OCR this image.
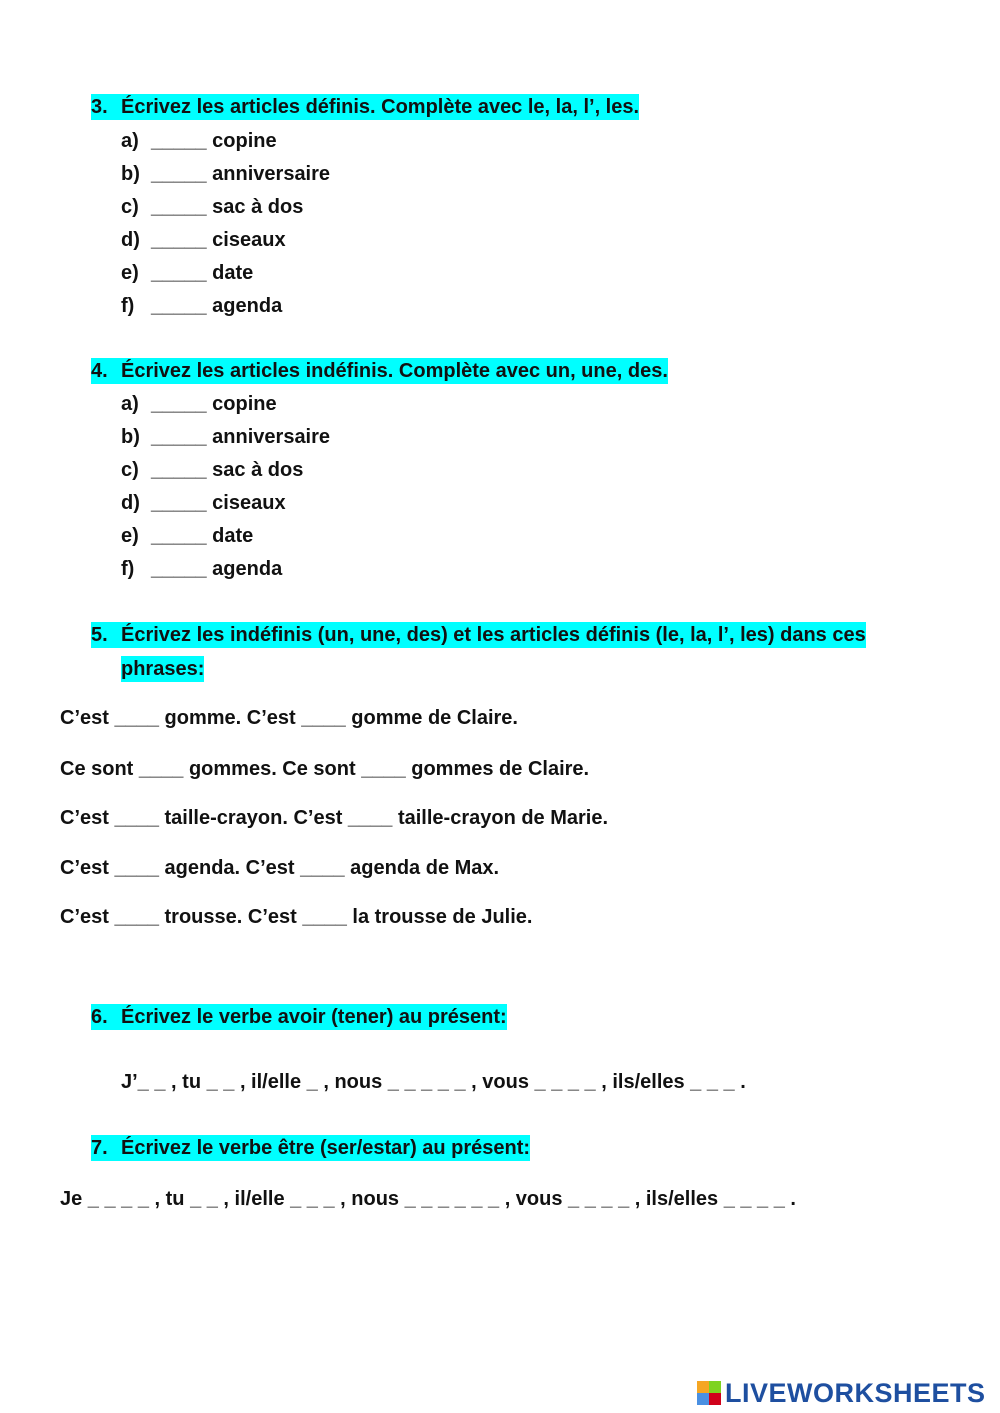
3. Écrivez les articles définis. Complète avec le, la, l’, les.
a) _____ copine
b) _____ anniversaire
c) _____ sac à dos
d) _____ ciseaux
e) _____ date
f) _____ agenda
4. Écrivez les articles indéfinis. Complète avec un, une, des.
a) _____ copine
b) _____ anniversaire
c) _____ sac à dos
d) _____ ciseaux
e) _____ date
f) _____ agenda
5. Écrivez les indéfinis (un, une, des) et les articles définis (le, la, l’, les) dans ces
phrases:
C’est ____ gomme. C’est ____ gomme de Claire.
Ce sont ____ gommes. Ce sont ____ gommes de Claire.
C’est ____ taille-crayon. C’est ____ taille-crayon de Marie.
C’est ____ agenda. C’est ____ agenda de Max.
C’est ____ trousse. C’est ____ la trousse de Julie.
6. Écrivez le verbe avoir (tener) au présent:
J’_ _ , tu _ _ , il/elle _ , nous _ _ _ _ _ , vous _ _ _ _ , ils/elles _ _ _ .
7. Écrivez le verbe être (ser/estar) au présent:
Je _ _ _ _ , tu _ _ , il/elle _ _ _ , nous _ _ _ _ _ _ , vous _ _ _ _ , ils/elles _ _ _ _ .
LIVEWORKSHEETS
